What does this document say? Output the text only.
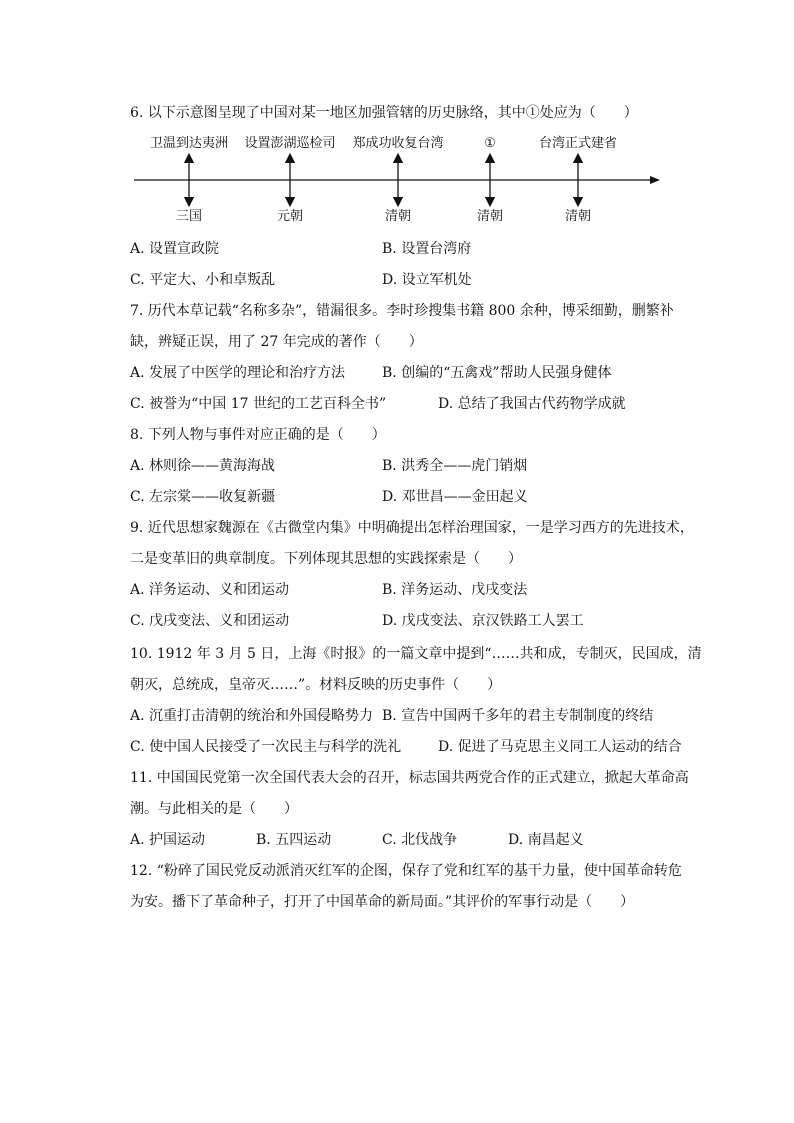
6. 以下示意图呈现了中国对某一地区加强管辖的历史脉络，其中①处应为（　　）
卫温到达夷洲 设置澎湖巡检司 郑成功收复台湾	①	台湾正式建省
三国	元朝	清朝	清朝	清朝
A. 设置宣政院	B. 设置台湾府
C. 平定大、小和卓叛乱	D. 设立军机处
7. 历代本草记载“名称多杂”，错漏很多。李时珍搜集书籍 800 余种，博采细勤，删繁补
缺，辨疑正误，用了 27 年完成的著作（　　）
A. 发展了中医学的理论和治疗方法	B. 创编的“五禽戏”帮助人民强身健体
C. 被誉为“中国 17 世纪的工艺百科全书”	D. 总结了我国古代药物学成就
8. 下列人物与事件对应正确的是（　　）
A. 林则徐——黄海海战	B. 洪秀全——虎门销烟
C. 左宗棠——收复新疆	D. 邓世昌——金田起义
9. 近代思想家魏源在《古微堂内集》中明确提出怎样治理国家，一是学习西方的先进技术，
二是变革旧的典章制度。下列体现其思想的实践探索是（　　）
A. 洋务运动、义和团运动	B. 洋务运动、戊戌变法
C. 戊戌变法、义和团运动	D. 戊戌变法、京汉铁路工人罢工
10. 1912 年 3 月 5 日，上海《时报》的一篇文章中提到“……共和成，专制灭，民国成，清
朝灭，总统成，皇帝灭……”。材料反映的历史事件（　　）
A. 沉重打击清朝的统治和外国侵略势力 B. 宣告中国两千多年的君主专制制度的终结
C. 使中国人民接受了一次民主与科学的洗礼	D. 促进了马克思主义同工人运动的结合
11. 中国国民党第一次全国代表大会的召开，标志国共两党合作的正式建立，掀起大革命高
潮。与此相关的是（　　）
A. 护国运动	B. 五四运动	C. 北伐战争	D. 南昌起义
12. “粉碎了国民党反动派消灭红军的企图，保存了党和红军的基干力量，使中国革命转危
为安。播下了革命种子，打开了中国革命的新局面。”其评价的军事行动是（　　）
